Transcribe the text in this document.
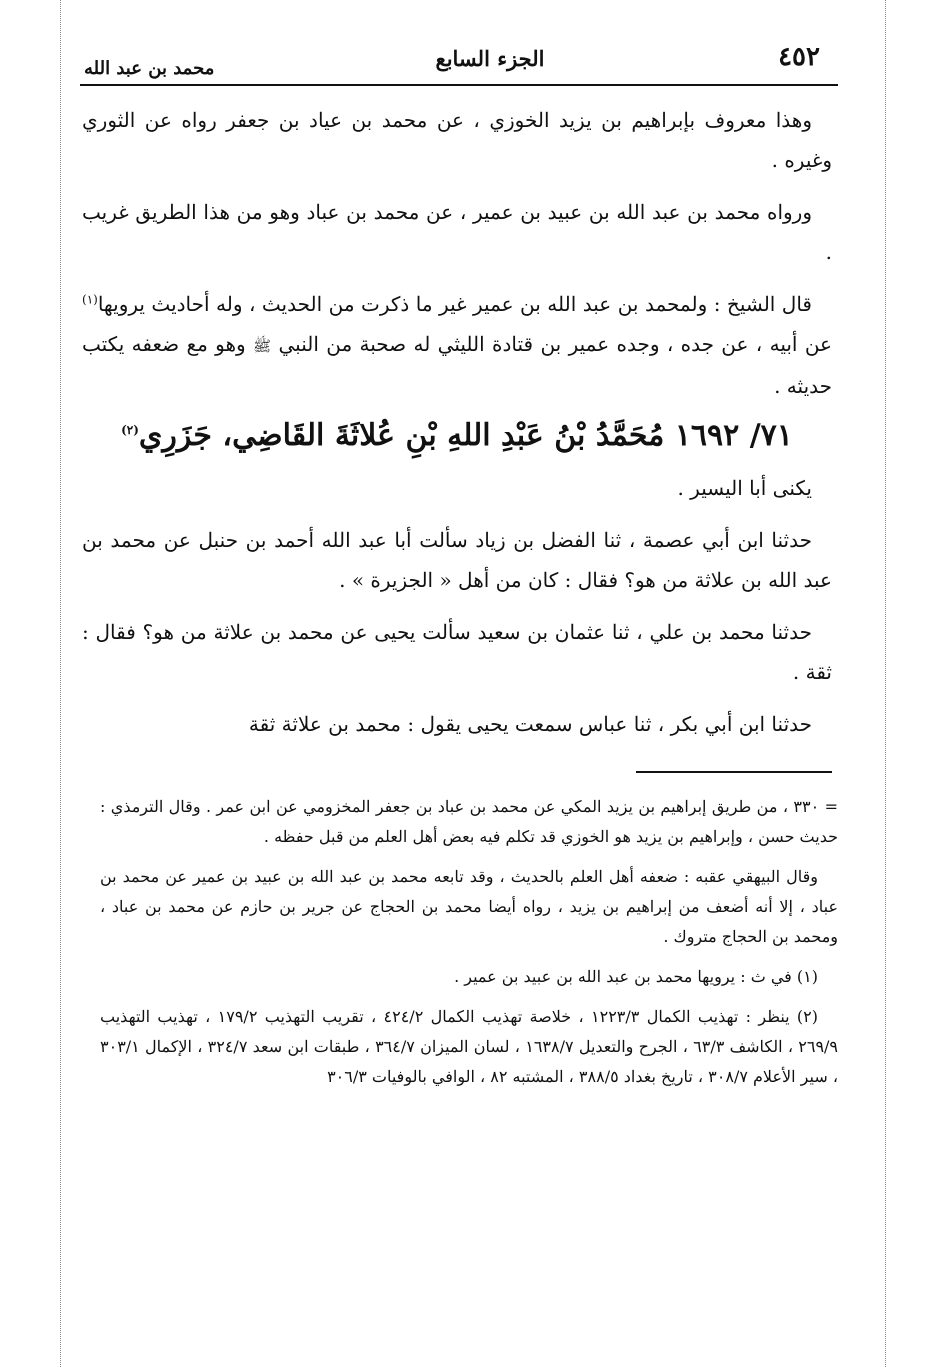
٤٥٢
الجزء السابع
محمد بن عبد الله

وهذا معروف بإبراهيم بن يزيد الخوزي ، عن محمد بن عياد بن جعفر رواه عن الثوري وغيره .

ورواه محمد بن عبد الله بن عبيد بن عمير ، عن محمد بن عباد وهو من هذا الطريق غريب .

قال الشيخ : ولمحمد بن عبد الله بن عمير غير ما ذكرت من الحديث ، وله أحاديث يرويها$^{(١)}$ عن أبيه ، عن جده ، وجده عمير بن قتادة الليثي له صحبة من النبي ﷺ وهو مع ضعفه يكتب حديثه .

٧١/ ١٦٩٢ مُحَمَّدُ بْنُ عَبْدِ اللهِ بْنِ عُلاثَةَ القَاضِي، جَزَرِي$^{(٢)}$

يكنى أبا اليسير .

حدثنا ابن أبي عصمة ، ثنا الفضل بن زياد سألت أبا عبد الله أحمد بن حنبل عن محمد بن عبد الله بن علاثة من هو؟ فقال : كان من أهل « الجزيرة » .

حدثنا محمد بن علي ، ثنا عثمان بن سعيد سألت يحيى عن محمد بن علاثة من هو؟ فقال : ثقة .

حدثنا ابن أبي بكر ، ثنا عباس سمعت يحيى يقول : محمد بن علاثة ثقة

= ٣٣٠ ، من طريق إبراهيم بن يزيد المكي عن محمد بن عباد بن جعفر المخزومي عن ابن عمر . وقال الترمذي : حديث حسن ، وإبراهيم بن يزيد هو الخوزي قد تكلم فيه بعض أهل العلم من قبل حفظه .

وقال البيهقي عقبه : ضعفه أهل العلم بالحديث ، وقد تابعه محمد بن عبد الله بن عبيد بن عمير عن محمد بن عباد ، إلا أنه أضعف من إبراهيم بن يزيد ، رواه أيضا محمد بن الحجاج عن جرير بن حازم عن محمد بن عباد ، ومحمد بن الحجاج متروك .

(١) في ث : يرويها محمد بن عبد الله بن عبيد بن عمير .

(٢) ينظر : تهذيب الكمال ١٢٢٣/٣ ، خلاصة تهذيب الكمال ٤٢٤/٢ ، تقريب التهذيب ١٧٩/٢ ، تهذيب التهذيب ٢٦٩/٩ ، الكاشف ٦٣/٣ ، الجرح والتعديل ١٦٣٨/٧ ، لسان الميزان ٣٦٤/٧ ، طبقات ابن سعد ٣٢٤/٧ ، الإكمال ٣٠٣/١ ، سير الأعلام ٣٠٨/٧ ، تاريخ بغداد ٣٨٨/٥ ، المشتبه ٨٢ ، الوافي بالوفيات ٣٠٦/٣
